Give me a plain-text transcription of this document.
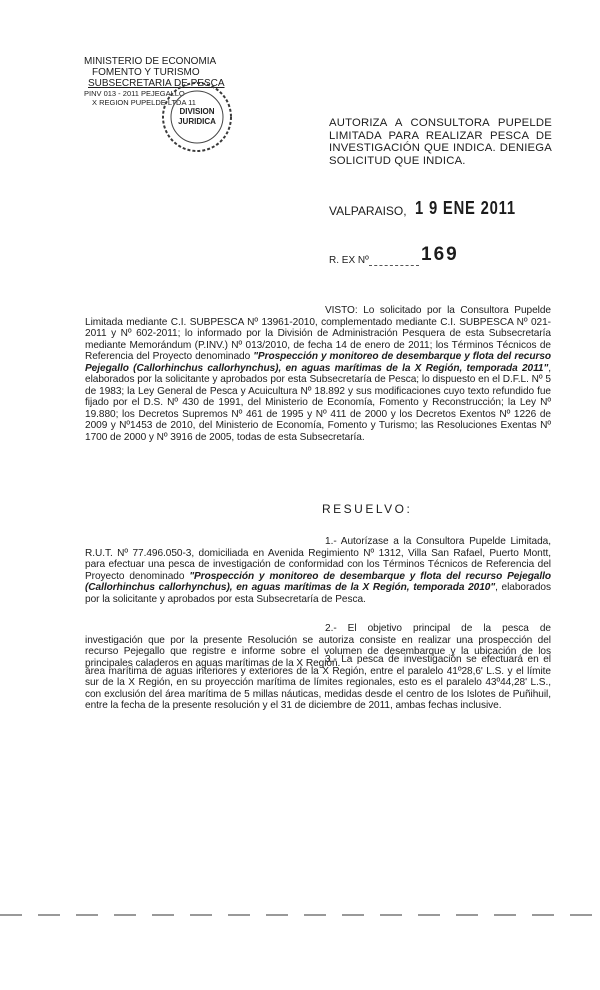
MINISTERIO DE ECONOMIA
FOMENTO Y TURISMO
SUBSECRETARIA DE PESCA
PINV 013 - 2011 PEJEGALLO
X REGION PUPELDE LTDA 11
DIVISION
JURIDICA	AUTORIZA A CONSULTORA PUPELDE LIMITADA PARA REALIZAR PESCA DE INVESTIGACIÓN QUE INDICA. DENIEGA SOLICITUD QUE INDICA.
VALPARAISO, 1 9 ENE 2011
R. EX Nº	169
VISTO: Lo solicitado por la Consultora Pupelde Limitada mediante C.I. SUBPESCA Nº 13961-2010, complementado mediante C.I. SUBPESCA Nº 021-2011 y Nº 602-2011; lo informado por la División de Administración Pesquera de esta Subsecretaría mediante Memorándum (P.INV.) Nº 013/2010, de fecha 14 de enero de 2011; los Términos Técnicos de Referencia del Proyecto denominado "Prospección y monitoreo de desembarque y flota del recurso Pejegallo (Callorhinchus callorhynchus), en aguas marítimas de la X Región, temporada 2011", elaborados por la solicitante y aprobados por esta Subsecretaría de Pesca; lo dispuesto en el D.F.L. Nº 5 de 1983; la Ley General de Pesca y Acuicultura Nº 18.892 y sus modificaciones cuyo texto refundido fue fijado por el D.S. Nº 430 de 1991, del Ministerio de Economía, Fomento y Reconstrucción; la Ley Nº 19.880; los Decretos Supremos Nº 461 de 1995 y Nº 411 de 2000 y los Decretos Exentos Nº 1226 de 2009 y Nº1453 de 2010, del Ministerio de Economía, Fomento y Turismo; las Resoluciones Exentas Nº 1700 de 2000 y Nº 3916 de 2005, todas de esta Subsecretaría.
RESUELVO:
1.- Autorízase a la Consultora Pupelde Limitada, R.U.T. Nº 77.496.050-3, domiciliada en Avenida Regimiento Nº 1312, Villa San Rafael, Puerto Montt, para efectuar una pesca de investigación de conformidad con los Términos Técnicos de Referencia del Proyecto denominado "Prospección y monitoreo de desembarque y flota del recurso Pejegallo (Callorhinchus callorhynchus), en aguas marítimas de la X Región, temporada 2010", elaborados por la solicitante y aprobados por esta Subsecretaría de Pesca.
2.- El objetivo principal de la pesca de investigación que por la presente Resolución se autoriza consiste en realizar una prospección del recurso Pejegallo que registre e informe sobre el volumen de desembarque y la ubicación de los principales caladeros en aguas marítimas de la X Región.
3.- La pesca de investigación se efectuará en el área marítima de aguas interiores y exteriores de la X Región, entre el paralelo 41º28,6' L.S. y el límite sur de la X Región, en su proyección marítima de límites regionales, esto es el paralelo 43º44,28' L.S., con exclusión del área marítima de 5 millas náuticas, medidas desde el centro de los Islotes de Puñihuil, entre la fecha de la presente resolución y el 31 de diciembre de 2011, ambas fechas inclusive.
